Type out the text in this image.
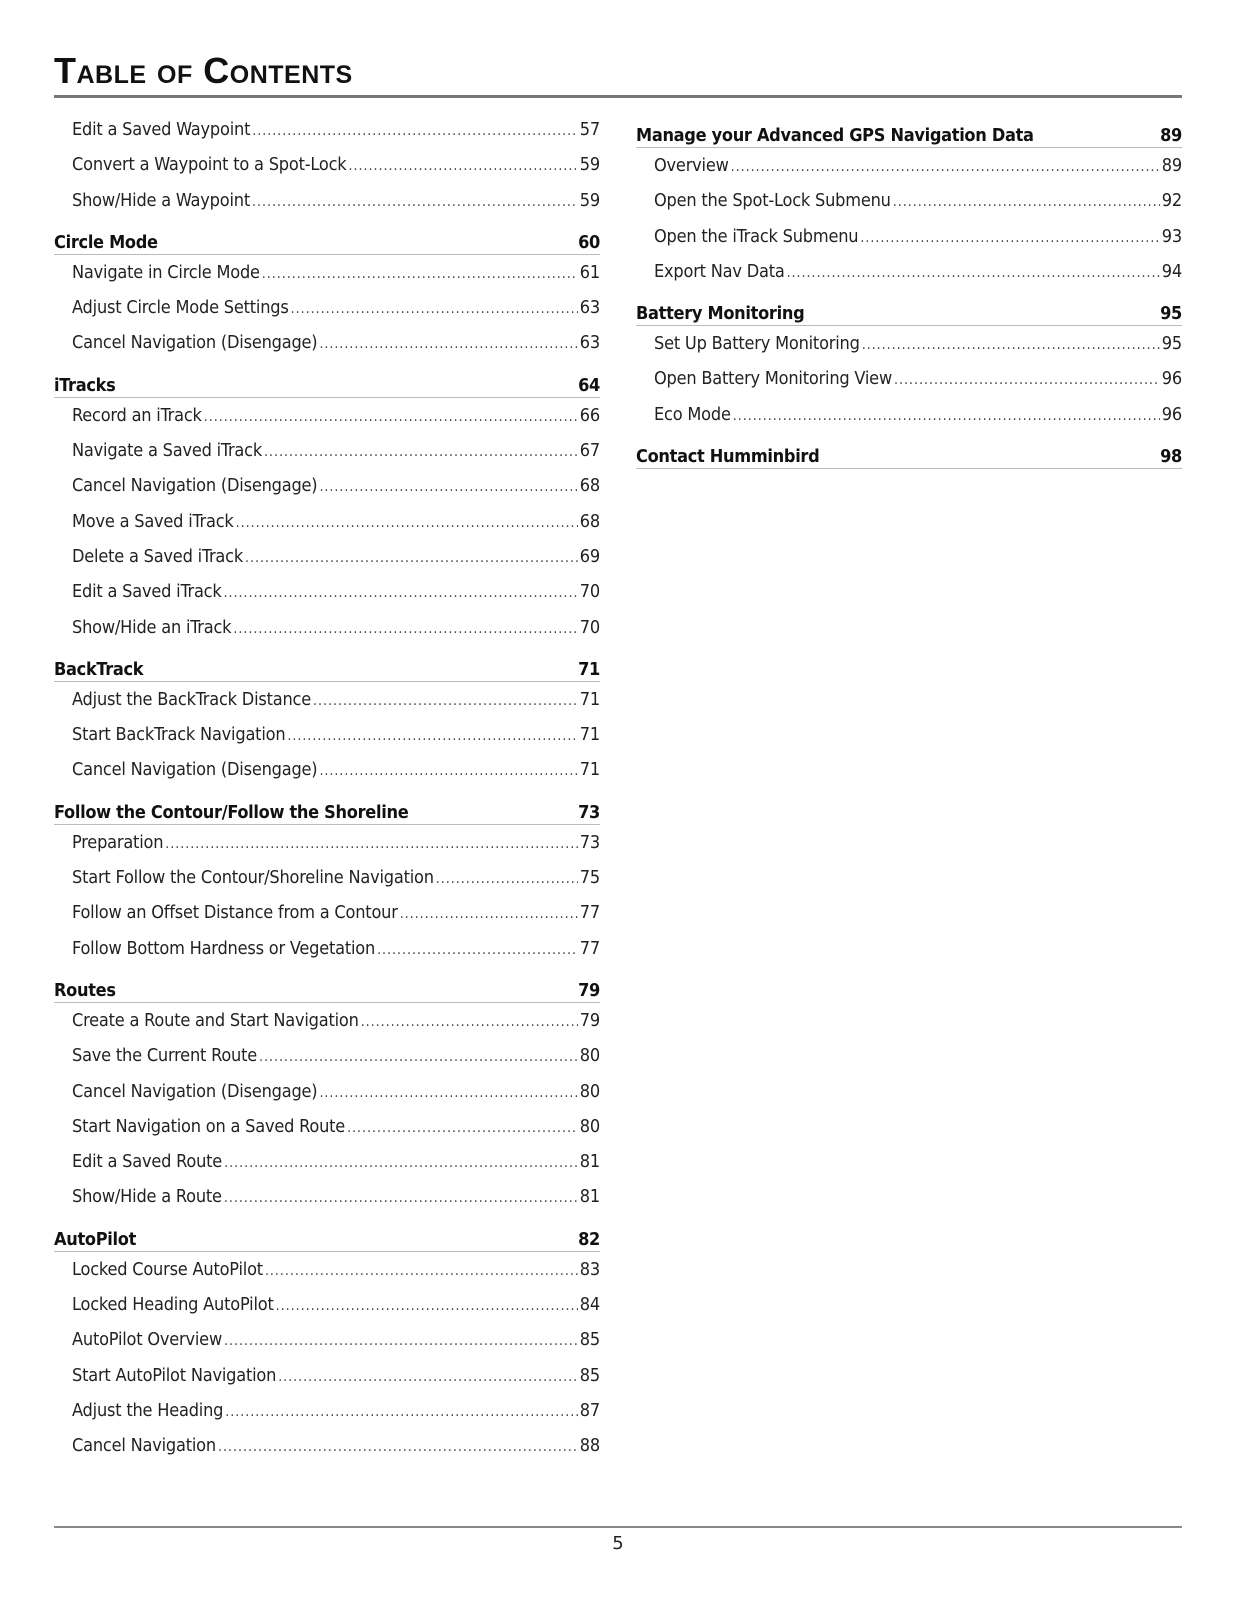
Table of Contents
Edit a Saved Waypoint .....	57
Convert a Waypoint to a Spot-Lock .....	59
Show/Hide a Waypoint .....	59
Circle Mode	60
Navigate in Circle Mode .....	61
Adjust Circle Mode Settings .....	63
Cancel Navigation (Disengage) .....	63
iTracks	64
Record an iTrack .....	66
Navigate a Saved iTrack .....	67
Cancel Navigation (Disengage) .....	68
Move a Saved iTrack .....	68
Delete a Saved iTrack .....	69
Edit a Saved iTrack .....	70
Show/Hide an iTrack .....	70
BackTrack	71
Adjust the BackTrack Distance .....	71
Start BackTrack Navigation .....	71
Cancel Navigation (Disengage) .....	71
Follow the Contour/Follow the Shoreline	73
Preparation .....	73
Start Follow the Contour/Shoreline Navigation .....	75
Follow an Offset Distance from a Contour .....	77
Follow Bottom Hardness or Vegetation .....	77
Routes	79
Create a Route and Start Navigation .....	79
Save the Current Route .....	80
Cancel Navigation (Disengage) .....	80
Start Navigation on a Saved Route .....	80
Edit a Saved Route .....	81
Show/Hide a Route .....	81
AutoPilot	82
Locked Course AutoPilot .....	83
Locked Heading AutoPilot .....	84
AutoPilot Overview .....	85
Start AutoPilot Navigation .....	85
Adjust the Heading .....	87
Cancel Navigation .....	88
Manage your Advanced GPS Navigation Data	89
Overview .....	89
Open the Spot-Lock Submenu .....	92
Open the iTrack Submenu .....	93
Export Nav Data .....	94
Battery Monitoring	95
Set Up Battery Monitoring .....	95
Open Battery Monitoring View .....	96
Eco Mode .....	96
Contact Humminbird	98
5
